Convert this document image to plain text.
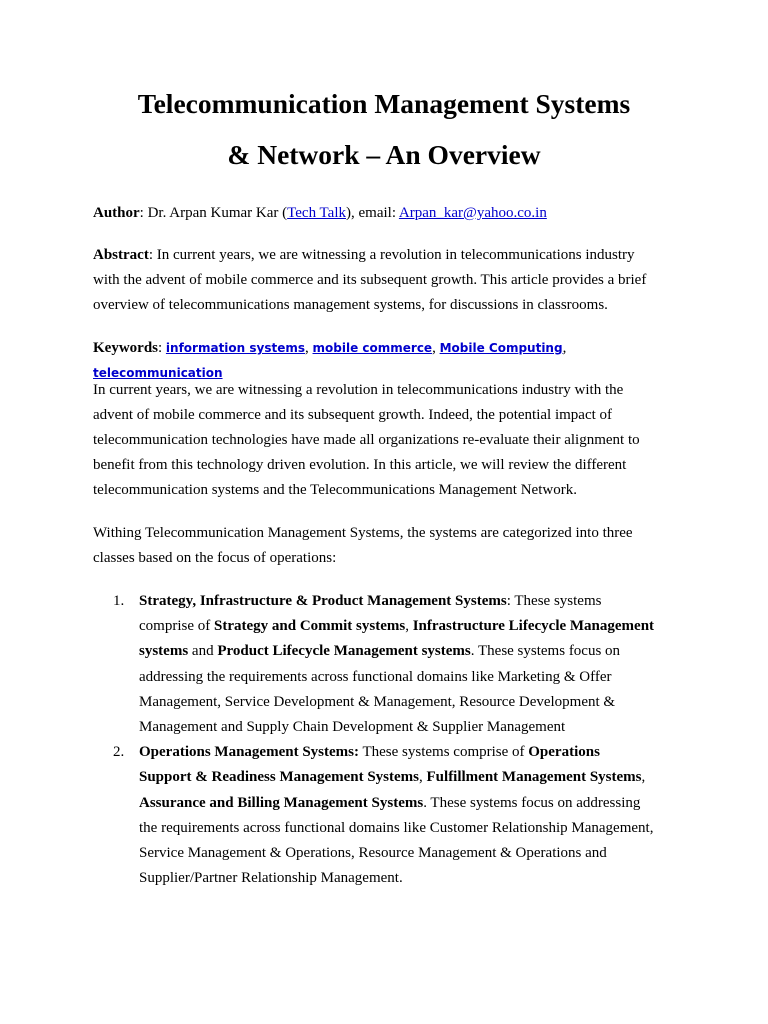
Telecommunication Management Systems
& Network – An Overview

Author: Dr. Arpan Kumar Kar (Tech Talk), email: Arpan_kar@yahoo.co.in

Abstract: In current years, we are witnessing a revolution in telecommunications industry
with the advent of mobile commerce and its subsequent growth. This article provides a brief
overview of telecommunications management systems, for discussions in classrooms.

Keywords: information systems, mobile commerce, Mobile Computing, telecommunication

In current years, we are witnessing a revolution in telecommunications industry with the
advent of mobile commerce and its subsequent growth. Indeed, the potential impact of
telecommunication technologies have made all organizations re-evaluate their alignment to
benefit from this technology driven evolution. In this article, we will review the different
telecommunication systems and the Telecommunications Management Network.

Withing Telecommunication Management Systems, the systems are categorized into three
classes based on the focus of operations:

1. Strategy, Infrastructure & Product Management Systems: These systems
comprise of Strategy and Commit systems, Infrastructure Lifecycle Management
systems and Product Lifecycle Management systems. These systems focus on
addressing the requirements across functional domains like Marketing & Offer
Management, Service Development & Management, Resource Development &
Management and Supply Chain Development & Supplier Management
2. Operations Management Systems: These systems comprise of Operations
Support & Readiness Management Systems, Fulfillment Management Systems,
Assurance and Billing Management Systems. These systems focus on addressing
the requirements across functional domains like Customer Relationship Management,
Service Management & Operations, Resource Management & Operations and
Supplier/Partner Relationship Management.
